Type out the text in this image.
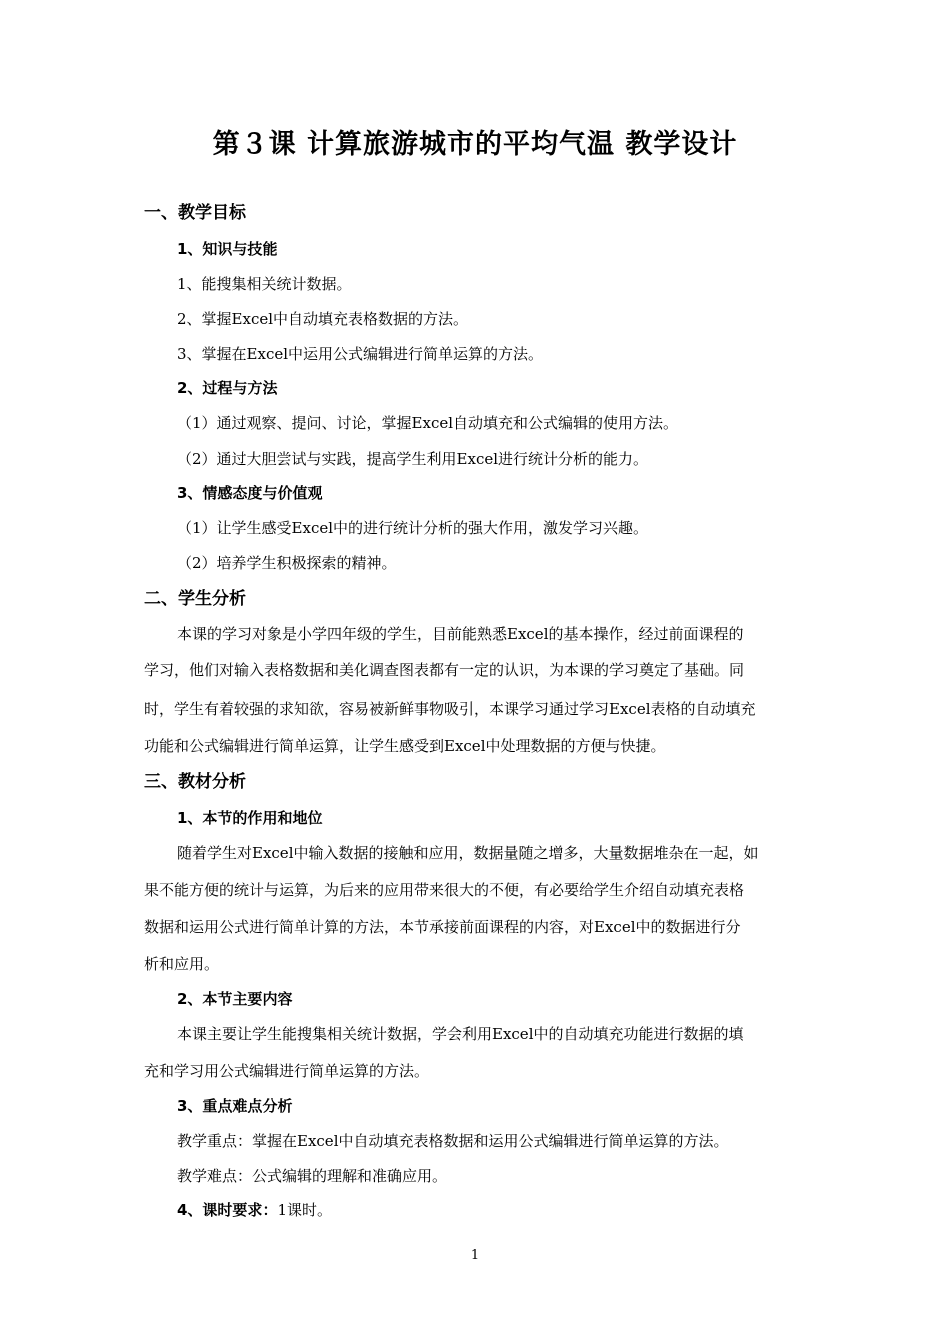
第３课 计算旅游城市的平均气温 教学设计
一、教学目标
1、知识与技能
1、能搜集相关统计数据。
2、掌握Excel中自动填充表格数据的方法。
3、掌握在Excel中运用公式编辑进行简单运算的方法。
2、过程与方法
（1）通过观察、提问、讨论，掌握Excel自动填充和公式编辑的使用方法。
（2）通过大胆尝试与实践，提高学生利用Excel进行统计分析的能力。
3、情感态度与价值观
（1）让学生感受Excel中的进行统计分析的强大作用，激发学习兴趣。
（2）培养学生积极探索的精神。
二、学生分析
本课的学习对象是小学四年级的学生，目前能熟悉Excel的基本操作，经过前面课程的
学习，他们对输入表格数据和美化调查图表都有一定的认识，为本课的学习奠定了基础。同
时，学生有着较强的求知欲，容易被新鲜事物吸引，本课学习通过学习Excel表格的自动填充
功能和公式编辑进行简单运算，让学生感受到Excel中处理数据的方便与快捷。
三、教材分析
1、本节的作用和地位
随着学生对Excel中输入数据的接触和应用，数据量随之增多，大量数据堆杂在一起，如
果不能方便的统计与运算，为后来的应用带来很大的不便，有必要给学生介绍自动填充表格
数据和运用公式进行简单计算的方法，本节承接前面课程的内容，对Excel中的数据进行分
析和应用。
2、本节主要内容
本课主要让学生能搜集相关统计数据，学会利用Excel中的自动填充功能进行数据的填
充和学习用公式编辑进行简单运算的方法。
3、重点难点分析
教学重点：掌握在Excel中自动填充表格数据和运用公式编辑进行简单运算的方法。
教学难点：公式编辑的理解和准确应用。
4、课时要求：1课时。
1
